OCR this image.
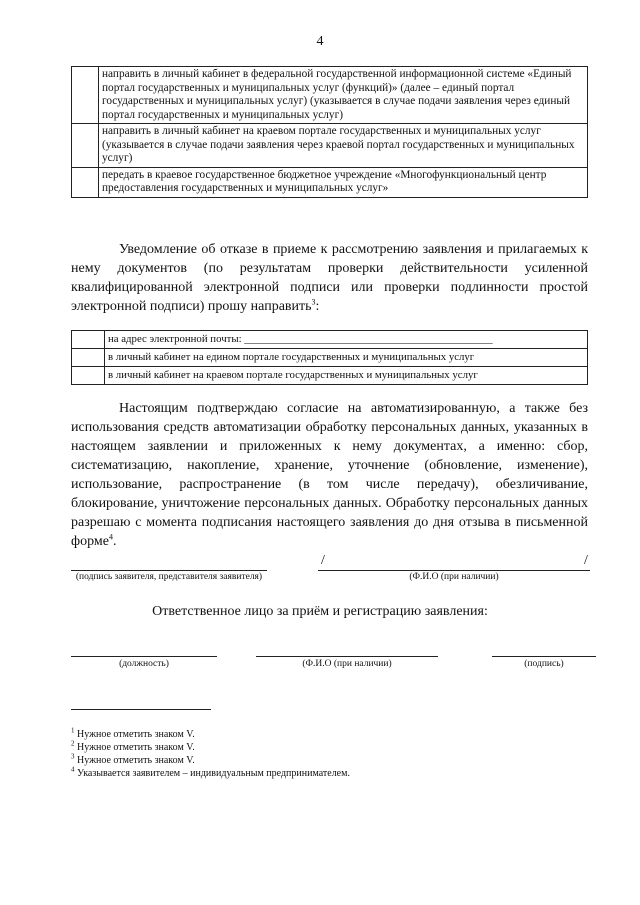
4
	направить в личный кабинет в федеральной государственной информационной системе «Единый портал государственных и муниципальных услуг (функций)» (далее – единый портал государственных и муниципальных услуг) (указывается в случае подачи заявления через единый портал государственных и муниципальных услуг)
	направить в личный кабинет на краевом портале государственных и муниципальных услуг (указывается в случае подачи заявления через краевой портал государственных и муниципальных услуг)
	передать в краевое государственное бюджетное учреждение «Многофункциональный центр предоставления государственных и муниципальных услуг»
Уведомление об отказе в приеме к рассмотрению заявления и прилагаемых к нему документов (по результатам проверки действительности усиленной квалифицированной электронной подписи или проверки подлинности простой электронной подписи) прошу направить$^3$:
	на адрес электронной почты: ______________________________________________
	в личный кабинет на едином портале государственных и муниципальных услуг
	в личный кабинет на краевом портале государственных и муниципальных услуг
Настоящим подтверждаю согласие на автоматизированную, а также без использования средств автоматизации обработку персональных данных, указанных в настоящем заявлении и приложенных к нему документах, а именно: сбор, систематизацию, накопление, хранение, уточнение (обновление, изменение), использование, распространение (в том числе передачу), обезличивание, блокирование, уничтожение персональных данных. Обработку персональных данных разрешаю с момента подписания настоящего заявления до дня отзыва в письменной форме$^4$.
(подпись заявителя, представителя заявителя)
/	/
(Ф.И.О (при наличии)
Ответственное лицо за приём и регистрацию заявления:
(должность)	(Ф.И.О (при наличии)	(подпись)
$^1$ Нужное отметить знаком V.
$^2$ Нужное отметить знаком V.
$^3$ Нужное отметить знаком V.
$^4$ Указывается заявителем – индивидуальным предпринимателем.
